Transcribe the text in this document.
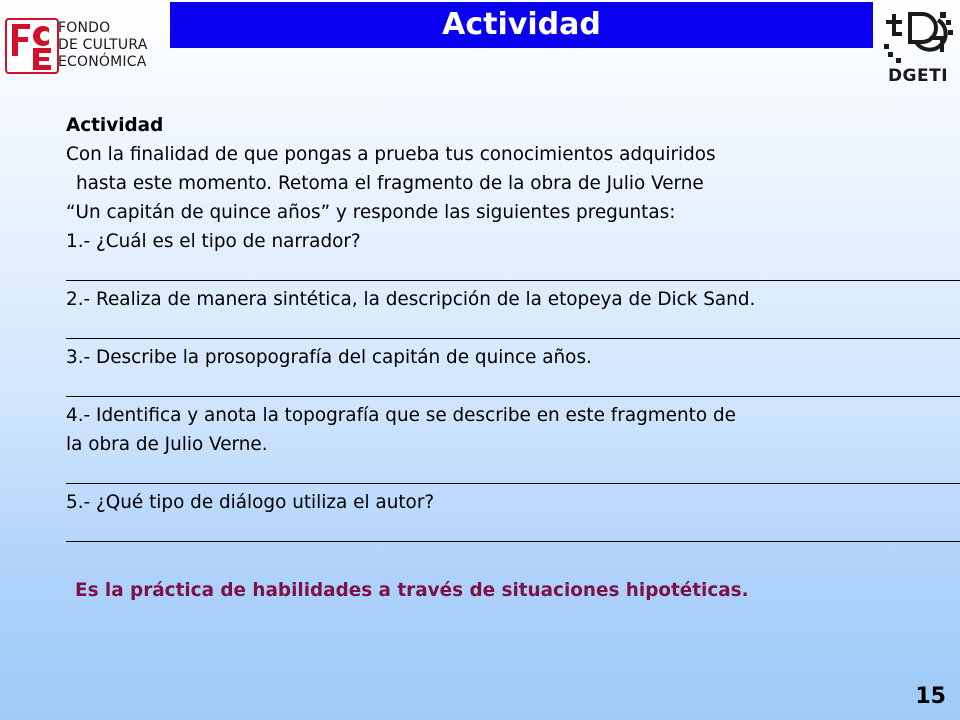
FONDO
DE CULTURA
ECONÓMICA
Actividad
DGETI
Actividad
Con la finalidad de que pongas a prueba tus conocimientos adquiridos
hasta este momento. Retoma el fragmento de la obra de Julio Verne
“Un capitán de quince años” y responde las siguientes preguntas:
1.- ¿Cuál es el tipo de narrador?
2.- Realiza de manera sintética, la descripción de la etopeya de Dick Sand.
3.- Describe la prosopografía del capitán de quince años.
4.- Identifica y anota la topografía que se describe en este fragmento de
la obra de Julio Verne.
5.- ¿Qué tipo de diálogo utiliza el autor?
Es la práctica de habilidades a través de situaciones hipotéticas.
15
